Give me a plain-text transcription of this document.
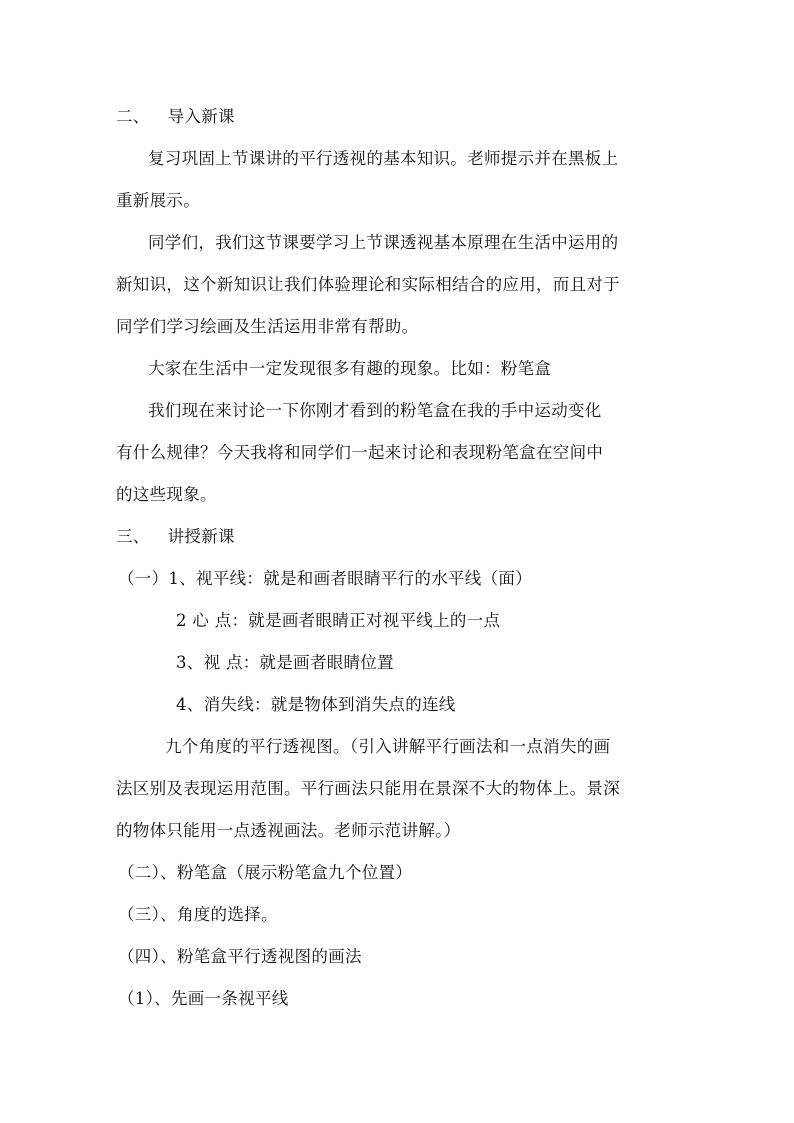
二、 导入新课
复习巩固上节课讲的平行透视的基本知识。老师提示并在黑板上
重新展示。
同学们，我们这节课要学习上节课透视基本原理在生活中运用的
新知识，这个新知识让我们体验理论和实际相结合的应用，而且对于
同学们学习绘画及生活运用非常有帮助。
大家在生活中一定发现很多有趣的现象。比如：粉笔盒
我们现在来讨论一下你刚才看到的粉笔盒在我的手中运动变化
有什么规律？今天我将和同学们一起来讨论和表现粉笔盒在空间中
的这些现象。
三、 讲授新课
（一）1、视平线：就是和画者眼睛平行的水平线（面）
2 心 点：就是画者眼睛正对视平线上的一点
3、视 点：就是画者眼睛位置
4、消失线：就是物体到消失点的连线
九个角度的平行透视图。（引入讲解平行画法和一点消失的画
法区别及表现运用范围。平行画法只能用在景深不大的物体上。景深
的物体只能用一点透视画法。老师示范讲解。）
（二）、粉笔盒（展示粉笔盒九个位置）
（三）、角度的选择。
（四）、粉笔盒平行透视图的画法
（1）、先画一条视平线
